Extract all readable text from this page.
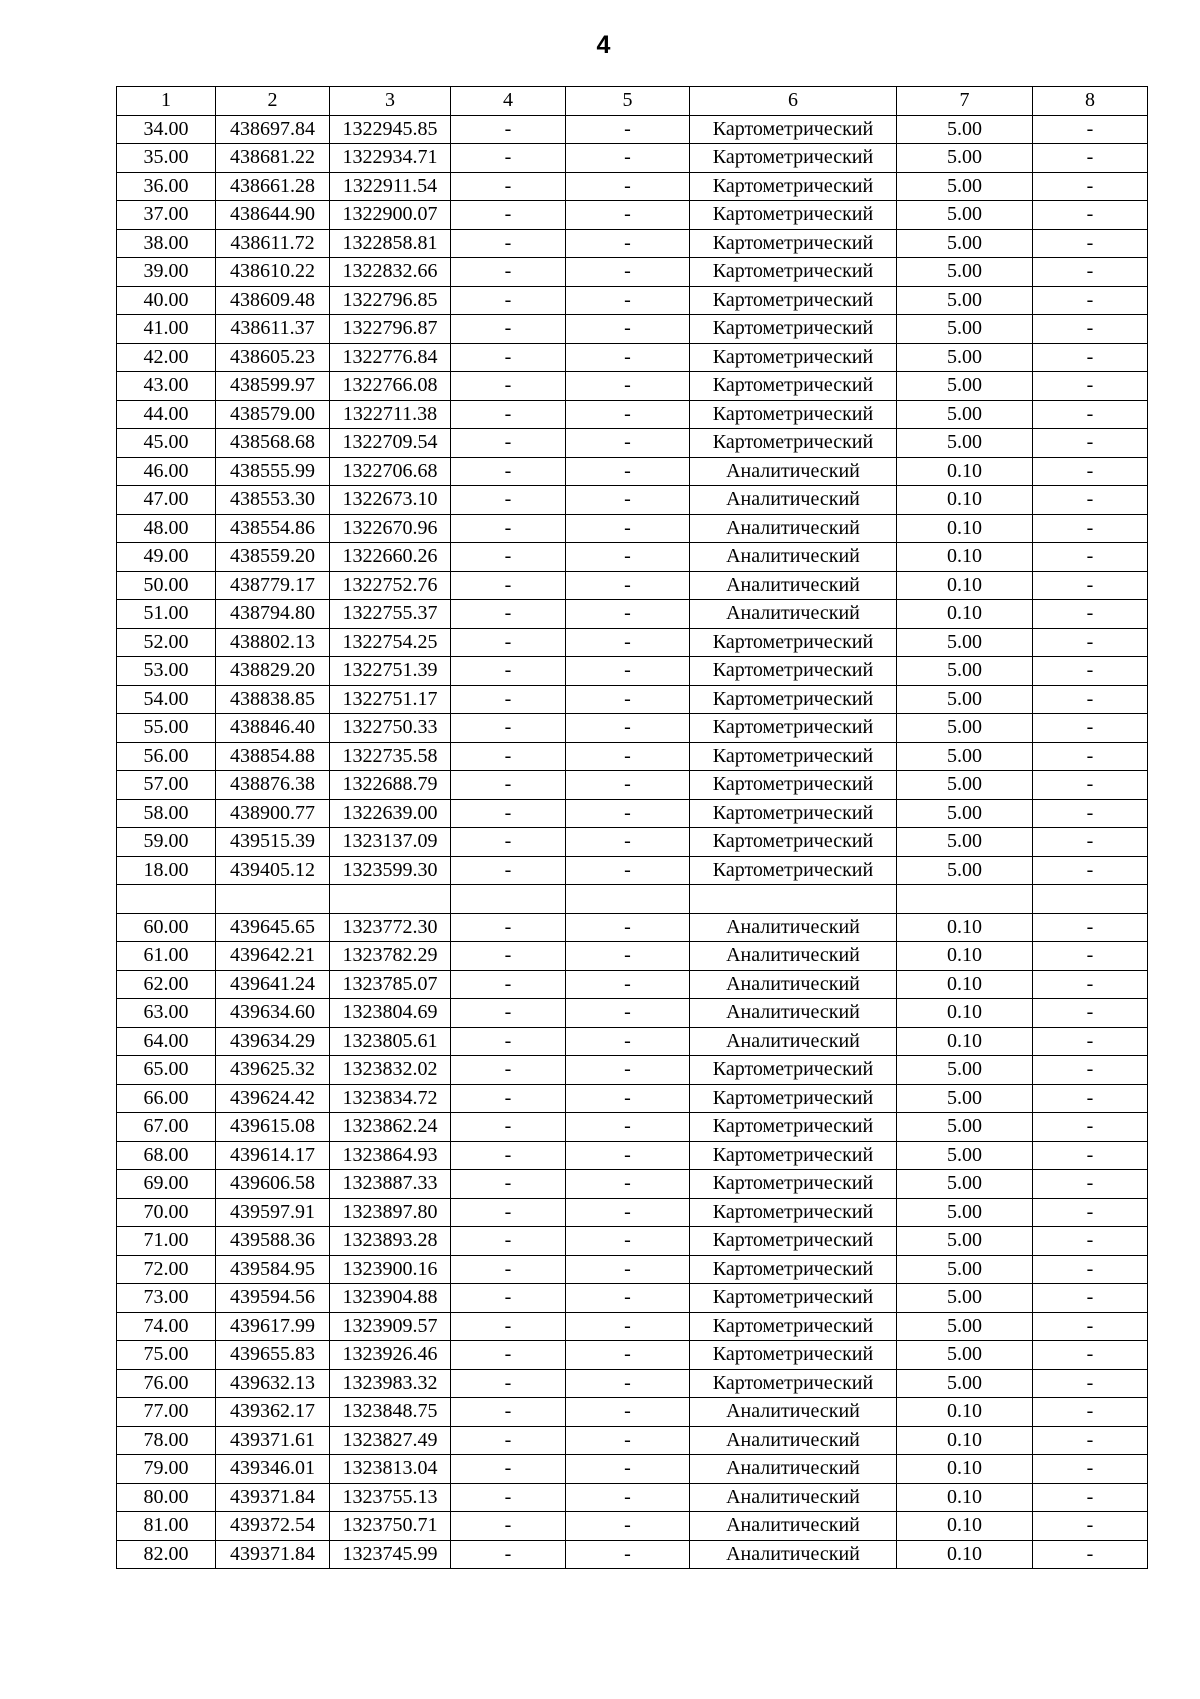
4
1	2	3	4	5	6	7	8
34.00	438697.84	1322945.85	-	-	Картометрический	5.00	-
35.00	438681.22	1322934.71	-	-	Картометрический	5.00	-
36.00	438661.28	1322911.54	-	-	Картометрический	5.00	-
37.00	438644.90	1322900.07	-	-	Картометрический	5.00	-
38.00	438611.72	1322858.81	-	-	Картометрический	5.00	-
39.00	438610.22	1322832.66	-	-	Картометрический	5.00	-
40.00	438609.48	1322796.85	-	-	Картометрический	5.00	-
41.00	438611.37	1322796.87	-	-	Картометрический	5.00	-
42.00	438605.23	1322776.84	-	-	Картометрический	5.00	-
43.00	438599.97	1322766.08	-	-	Картометрический	5.00	-
44.00	438579.00	1322711.38	-	-	Картометрический	5.00	-
45.00	438568.68	1322709.54	-	-	Картометрический	5.00	-
46.00	438555.99	1322706.68	-	-	Аналитический	0.10	-
47.00	438553.30	1322673.10	-	-	Аналитический	0.10	-
48.00	438554.86	1322670.96	-	-	Аналитический	0.10	-
49.00	438559.20	1322660.26	-	-	Аналитический	0.10	-
50.00	438779.17	1322752.76	-	-	Аналитический	0.10	-
51.00	438794.80	1322755.37	-	-	Аналитический	0.10	-
52.00	438802.13	1322754.25	-	-	Картометрический	5.00	-
53.00	438829.20	1322751.39	-	-	Картометрический	5.00	-
54.00	438838.85	1322751.17	-	-	Картометрический	5.00	-
55.00	438846.40	1322750.33	-	-	Картометрический	5.00	-
56.00	438854.88	1322735.58	-	-	Картометрический	5.00	-
57.00	438876.38	1322688.79	-	-	Картометрический	5.00	-
58.00	438900.77	1322639.00	-	-	Картометрический	5.00	-
59.00	439515.39	1323137.09	-	-	Картометрический	5.00	-
18.00	439405.12	1323599.30	-	-	Картометрический	5.00	-

60.00	439645.65	1323772.30	-	-	Аналитический	0.10	-
61.00	439642.21	1323782.29	-	-	Аналитический	0.10	-
62.00	439641.24	1323785.07	-	-	Аналитический	0.10	-
63.00	439634.60	1323804.69	-	-	Аналитический	0.10	-
64.00	439634.29	1323805.61	-	-	Аналитический	0.10	-
65.00	439625.32	1323832.02	-	-	Картометрический	5.00	-
66.00	439624.42	1323834.72	-	-	Картометрический	5.00	-
67.00	439615.08	1323862.24	-	-	Картометрический	5.00	-
68.00	439614.17	1323864.93	-	-	Картометрический	5.00	-
69.00	439606.58	1323887.33	-	-	Картометрический	5.00	-
70.00	439597.91	1323897.80	-	-	Картометрический	5.00	-
71.00	439588.36	1323893.28	-	-	Картометрический	5.00	-
72.00	439584.95	1323900.16	-	-	Картометрический	5.00	-
73.00	439594.56	1323904.88	-	-	Картометрический	5.00	-
74.00	439617.99	1323909.57	-	-	Картометрический	5.00	-
75.00	439655.83	1323926.46	-	-	Картометрический	5.00	-
76.00	439632.13	1323983.32	-	-	Картометрический	5.00	-
77.00	439362.17	1323848.75	-	-	Аналитический	0.10	-
78.00	439371.61	1323827.49	-	-	Аналитический	0.10	-
79.00	439346.01	1323813.04	-	-	Аналитический	0.10	-
80.00	439371.84	1323755.13	-	-	Аналитический	0.10	-
81.00	439372.54	1323750.71	-	-	Аналитический	0.10	-
82.00	439371.84	1323745.99	-	-	Аналитический	0.10	-
